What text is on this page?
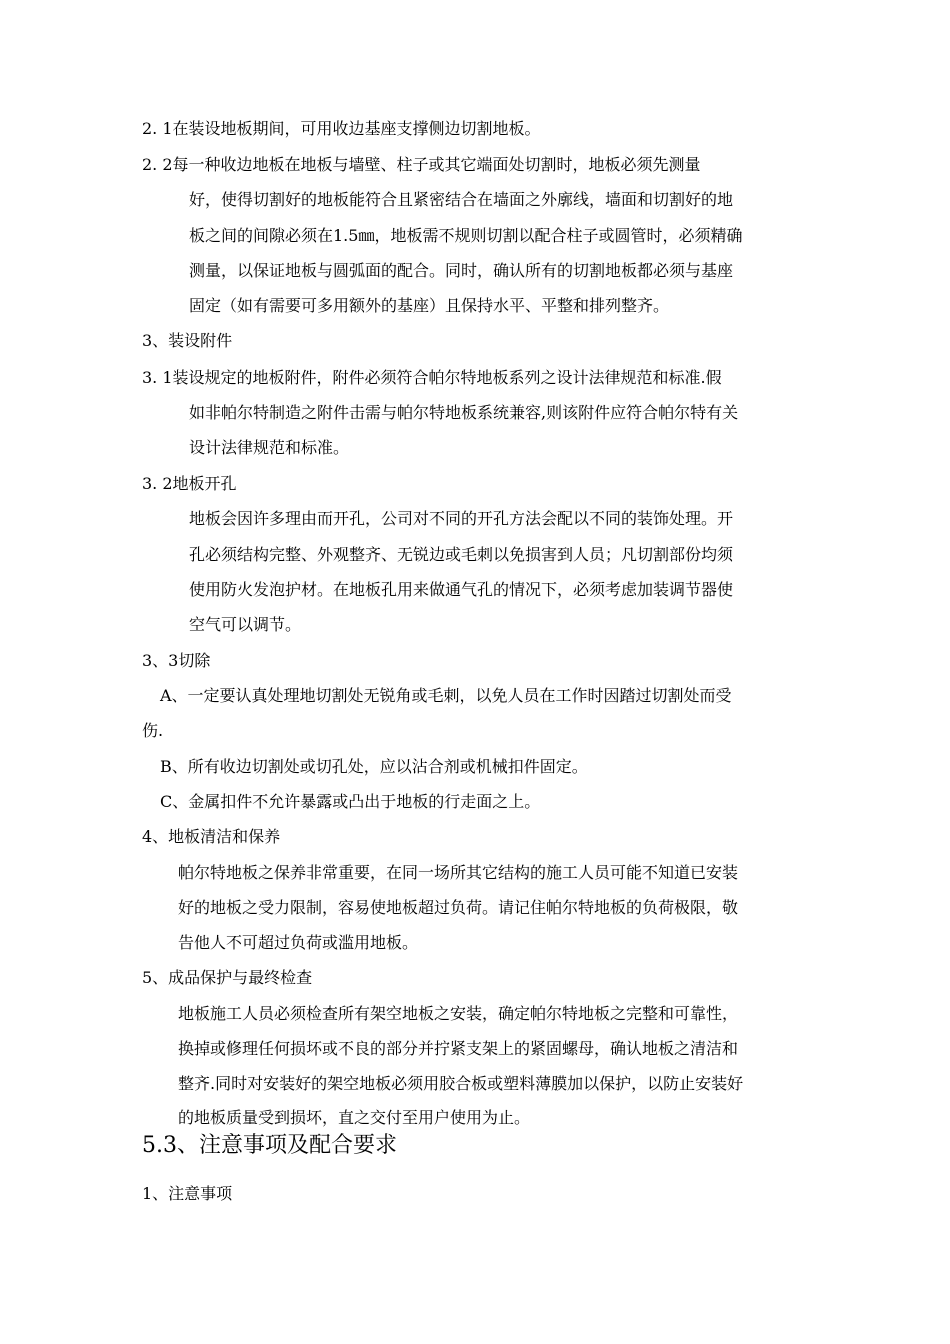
2. 1在装设地板期间，可用收边基座支撑侧边切割地板。
2. 2每一种收边地板在地板与墙壁、柱子或其它端面处切割时，地板必须先测量
好，使得切割好的地板能符合且紧密结合在墙面之外廓线，墙面和切割好的地
板之间的间隙必须在1.5㎜，地板需不规则切割以配合柱子或圆管时，必须精确
测量，以保证地板与圆弧面的配合。同时，确认所有的切割地板都必须与基座
固定（如有需要可多用额外的基座）且保持水平、平整和排列整齐。
3、装设附件
3. 1装设规定的地板附件，附件必须符合帕尔特地板系列之设计法律规范和标准.假
如非帕尔特制造之附件击需与帕尔特地板系统兼容,则该附件应符合帕尔特有关
设计法律规范和标准。
3. 2地板开孔
地板会因许多理由而开孔，公司对不同的开孔方法会配以不同的装饰处理。开
孔必须结构完整、外观整齐、无锐边或毛刺以免损害到人员；凡切割部份均须
使用防火发泡护材。在地板孔用来做通气孔的情况下，必须考虑加装调节器使
空气可以调节。
3、3切除
A、一定要认真处理地切割处无锐角或毛刺，以免人员在工作时因踏过切割处而受
伤.
B、所有收边切割处或切孔处，应以沾合剂或机械扣件固定。
C、金属扣件不允许暴露或凸出于地板的行走面之上。
4、地板清洁和保养
帕尔特地板之保养非常重要，在同一场所其它结构的施工人员可能不知道已安装
好的地板之受力限制，容易使地板超过负荷。请记住帕尔特地板的负荷极限，敬
告他人不可超过负荷或滥用地板。
5、成品保护与最终检查
地板施工人员必须检查所有架空地板之安装，确定帕尔特地板之完整和可靠性，
换掉或修理任何损坏或不良的部分并拧紧支架上的紧固螺母，确认地板之清洁和
整齐.同时对安装好的架空地板必须用胶合板或塑料薄膜加以保护，以防止安装好
的地板质量受到损坏，直之交付至用户使用为止。
5.3、注意事项及配合要求
1、注意事项
